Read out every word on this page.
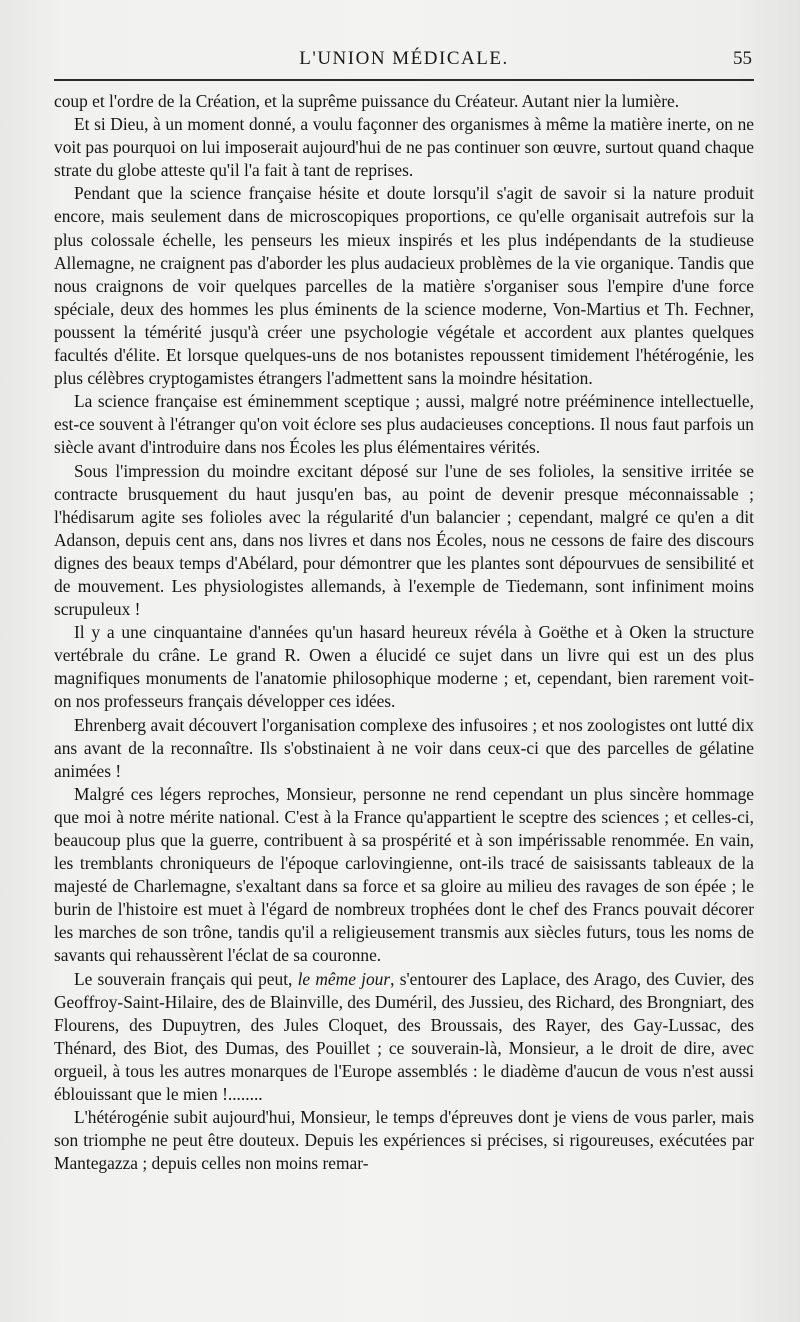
L'UNION MÉDICALE.	55

coup et l'ordre de la Création, et la suprême puissance du Créateur. Autant nier la lumière.

Et si Dieu, à un moment donné, a voulu façonner des organismes à même la matière inerte, on ne voit pas pourquoi on lui imposerait aujourd'hui de ne pas continuer son œuvre, surtout quand chaque strate du globe atteste qu'il l'a fait à tant de reprises.

Pendant que la science française hésite et doute lorsqu'il s'agit de savoir si la nature produit encore, mais seulement dans de microscopiques proportions, ce qu'elle organisait autrefois sur la plus colossale échelle, les penseurs les mieux inspirés et les plus indépendants de la studieuse Allemagne, ne craignent pas d'aborder les plus audacieux problèmes de la vie organique. Tandis que nous craignons de voir quelques parcelles de la matière s'organiser sous l'empire d'une force spéciale, deux des hommes les plus éminents de la science moderne, Von-Martius et Th. Fechner, poussent la témérité jusqu'à créer une psychologie végétale et accordent aux plantes quelques facultés d'élite. Et lorsque quelques-uns de nos botanistes repoussent timidement l'hétérogénie, les plus célèbres cryptogamistes étrangers l'admettent sans la moindre hésitation.

La science française est éminemment sceptique ; aussi, malgré notre prééminence intellectuelle, est-ce souvent à l'étranger qu'on voit éclore ses plus audacieuses conceptions. Il nous faut parfois un siècle avant d'introduire dans nos Écoles les plus élémentaires vérités.

Sous l'impression du moindre excitant déposé sur l'une de ses folioles, la sensitive irritée se contracte brusquement du haut jusqu'en bas, au point de devenir presque méconnaissable ; l'hédisarum agite ses folioles avec la régularité d'un balancier ; cependant, malgré ce qu'en a dit Adanson, depuis cent ans, dans nos livres et dans nos Écoles, nous ne cessons de faire des discours dignes des beaux temps d'Abélard, pour démontrer que les plantes sont dépourvues de sensibilité et de mouvement. Les physiologistes allemands, à l'exemple de Tiedemann, sont infiniment moins scrupuleux !

Il y a une cinquantaine d'années qu'un hasard heureux révéla à Goëthe et à Oken la structure vertébrale du crâne. Le grand R. Owen a élucidé ce sujet dans un livre qui est un des plus magnifiques monuments de l'anatomie philosophique moderne ; et, cependant, bien rarement voit-on nos professeurs français développer ces idées.

Ehrenberg avait découvert l'organisation complexe des infusoires ; et nos zoologistes ont lutté dix ans avant de la reconnaître. Ils s'obstinaient à ne voir dans ceux-ci que des parcelles de gélatine animées !

Malgré ces légers reproches, Monsieur, personne ne rend cependant un plus sincère hommage que moi à notre mérite national. C'est à la France qu'appartient le sceptre des sciences ; et celles-ci, beaucoup plus que la guerre, contribuent à sa prospérité et à son impérissable renommée. En vain, les tremblants chroniqueurs de l'époque carlovingienne, ont-ils tracé de saisissants tableaux de la majesté de Charlemagne, s'exaltant dans sa force et sa gloire au milieu des ravages de son épée ; le burin de l'histoire est muet à l'égard de nombreux trophées dont le chef des Francs pouvait décorer les marches de son trône, tandis qu'il a religieusement transmis aux siècles futurs, tous les noms de savants qui rehaussèrent l'éclat de sa couronne.

Le souverain français qui peut, le même jour, s'entourer des Laplace, des Arago, des Cuvier, des Geoffroy-Saint-Hilaire, des de Blainville, des Duméril, des Jussieu, des Richard, des Brongniart, des Flourens, des Dupuytren, des Jules Cloquet, des Broussais, des Rayer, des Gay-Lussac, des Thénard, des Biot, des Dumas, des Pouillet ; ce souverain-là, Monsieur, a le droit de dire, avec orgueil, à tous les autres monarques de l'Europe assemblés : le diadème d'aucun de vous n'est aussi éblouissant que le mien !........

L'hétérogénie subit aujourd'hui, Monsieur, le temps d'épreuves dont je viens de vous parler, mais son triomphe ne peut être douteux. Depuis les expériences si précises, si rigoureuses, exécutées par Mantegazza ; depuis celles non moins remar-
